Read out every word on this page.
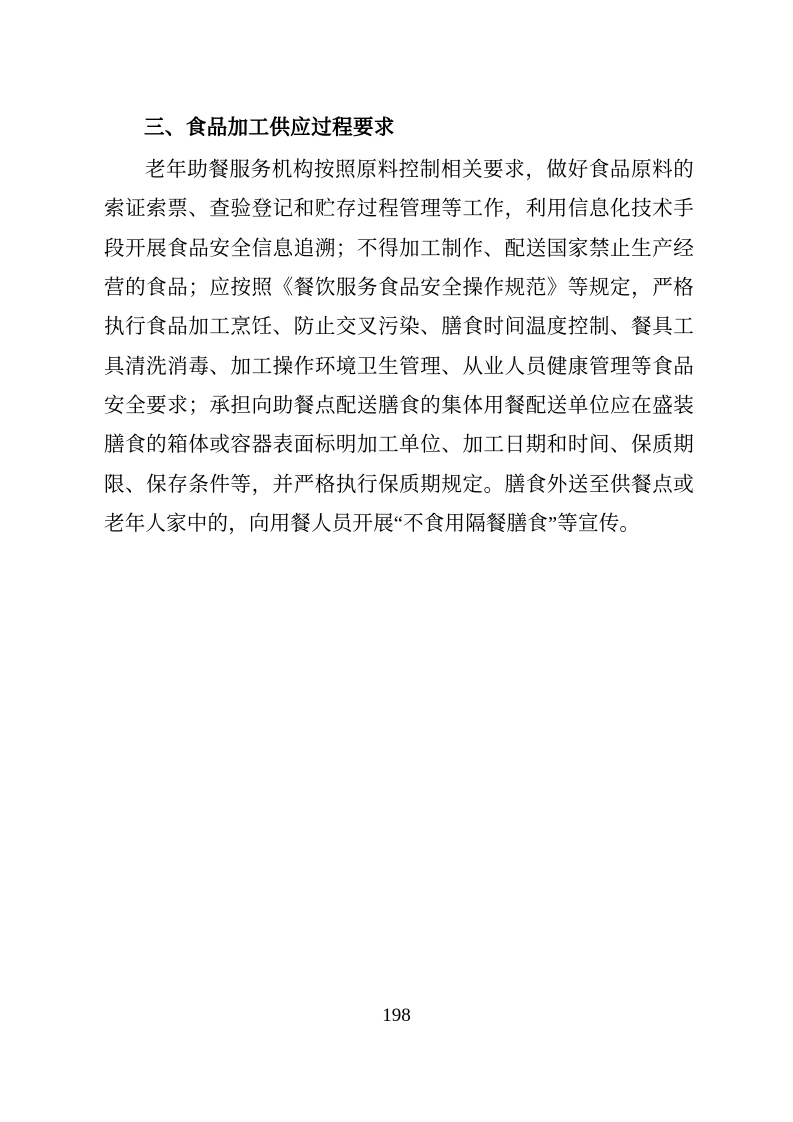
三、食品加工供应过程要求

老年助餐服务机构按照原料控制相关要求，做好食品原料的索证索票、查验登记和贮存过程管理等工作，利用信息化技术手段开展食品安全信息追溯；不得加工制作、配送国家禁止生产经营的食品；应按照《餐饮服务食品安全操作规范》等规定，严格执行食品加工烹饪、防止交叉污染、膳食时间温度控制、餐具工具清洗消毒、加工操作环境卫生管理、从业人员健康管理等食品安全要求；承担向助餐点配送膳食的集体用餐配送单位应在盛装膳食的箱体或容器表面标明加工单位、加工日期和时间、保质期限、保存条件等，并严格执行保质期规定。膳食外送至供餐点或老年人家中的，向用餐人员开展“不食用隔餐膳食”等宣传。

198
